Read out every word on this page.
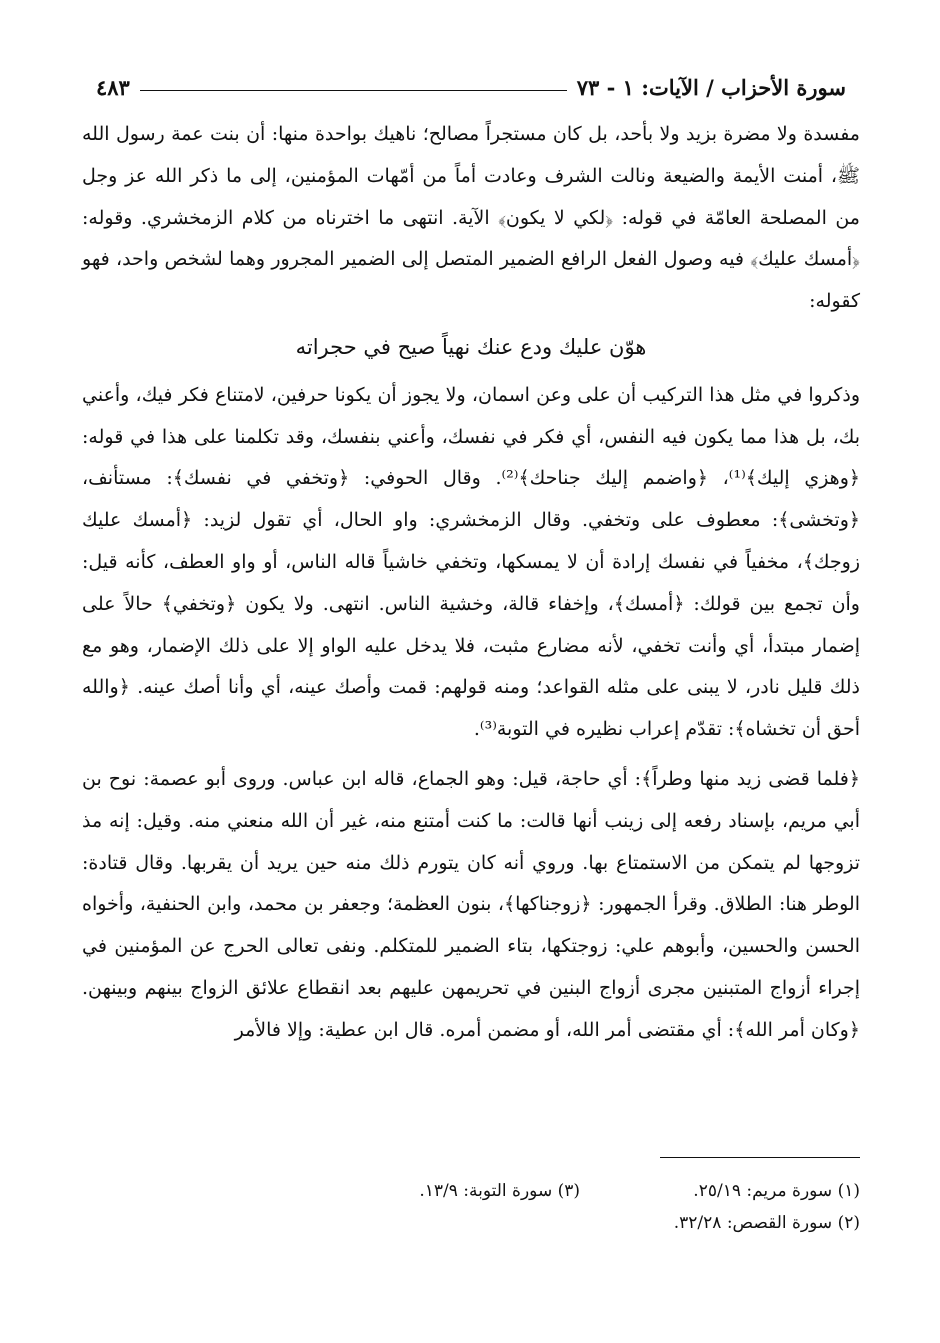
سورة الأحزاب / الآيات: ١ - ٧٣
٤٨٣

مفسدة ولا مضرة بزيد ولا بأحد، بل كان مستجراً مصالح؛ ناهيك بواحدة منها: أن بنت عمة رسول الله ﷺ، أمنت الأيمة والضيعة ونالت الشرف وعادت أماً من أمّهات المؤمنين، إلى ما ذكر الله عز وجل من المصلحة العامّة في قوله: ﴿لكي لا يكون﴾ الآية. انتهى ما اخترناه من كلام الزمخشري. وقوله: ﴿أمسك عليك﴾ فيه وصول الفعل الرافع الضمير المتصل إلى الضمير المجرور وهما لشخص واحد، فهو كقوله:

هوّن عليك ودع عنك نهياً صيح في حجراته

وذكروا في مثل هذا التركيب أن على وعن اسمان، ولا يجوز أن يكونا حرفين، لامتناع فكر فيك، وأعني بك، بل هذا مما يكون فيه النفس، أي فكر في نفسك، وأعني بنفسك، وقد تكلمنا على هذا في قوله: ﴿وهزي إليك﴾⁽¹⁾، ﴿واضمم إليك جناحك﴾⁽²⁾. وقال الحوفي: ﴿وتخفي في نفسك﴾: مستأنف، ﴿وتخشى﴾: معطوف على وتخفي. وقال الزمخشري: واو الحال، أي تقول لزيد: ﴿أمسك عليك زوجك﴾، مخفياً في نفسك إرادة أن لا يمسكها، وتخفي خاشياً قاله الناس، أو واو العطف، كأنه قيل: وأن تجمع بين قولك: ﴿أمسك﴾، وإخفاء قالة، وخشية الناس. انتهى. ولا يكون ﴿وتخفي﴾ حالاً على إضمار مبتدأ، أي وأنت تخفي، لأنه مضارع مثبت، فلا يدخل عليه الواو إلا على ذلك الإضمار، وهو مع ذلك قليل نادر، لا يبنى على مثله القواعد؛ ومنه قولهم: قمت وأصك عينه، أي وأنا أصك عينه. ﴿والله أحق أن تخشاه﴾: تقدّم إعراب نظيره في التوبة⁽³⁾.

﴿فلما قضى زيد منها وطراً﴾: أي حاجة، قيل: وهو الجماع، قاله ابن عباس. وروى أبو عصمة: نوح بن أبي مريم، بإسناد رفعه إلى زينب أنها قالت: ما كنت أمتنع منه، غير أن الله منعني منه. وقيل: إنه مذ تزوجها لم يتمكن من الاستمتاع بها. وروي أنه كان يتورم ذلك منه حين يريد أن يقربها. وقال قتادة: الوطر هنا: الطلاق. وقرأ الجمهور: ﴿زوجناكها﴾، بنون العظمة؛ وجعفر بن محمد، وابن الحنفية، وأخواه الحسن والحسين، وأبوهم علي: زوجتكها، بتاء الضمير للمتكلم. ونفى تعالى الحرج عن المؤمنين في إجراء أزواج المتبنين مجرى أزواج البنين في تحريمهن عليهم بعد انقطاع علائق الزواج بينهم وبينهن. ﴿وكان أمر الله﴾: أي مقتضى أمر الله، أو مضمن أمره. قال ابن عطية: وإلا فالأمر

(١) سورة مريم: ٢٥/١٩.
(٣) سورة التوبة: ١٣/٩.
(٢) سورة القصص: ٣٢/٢٨.
